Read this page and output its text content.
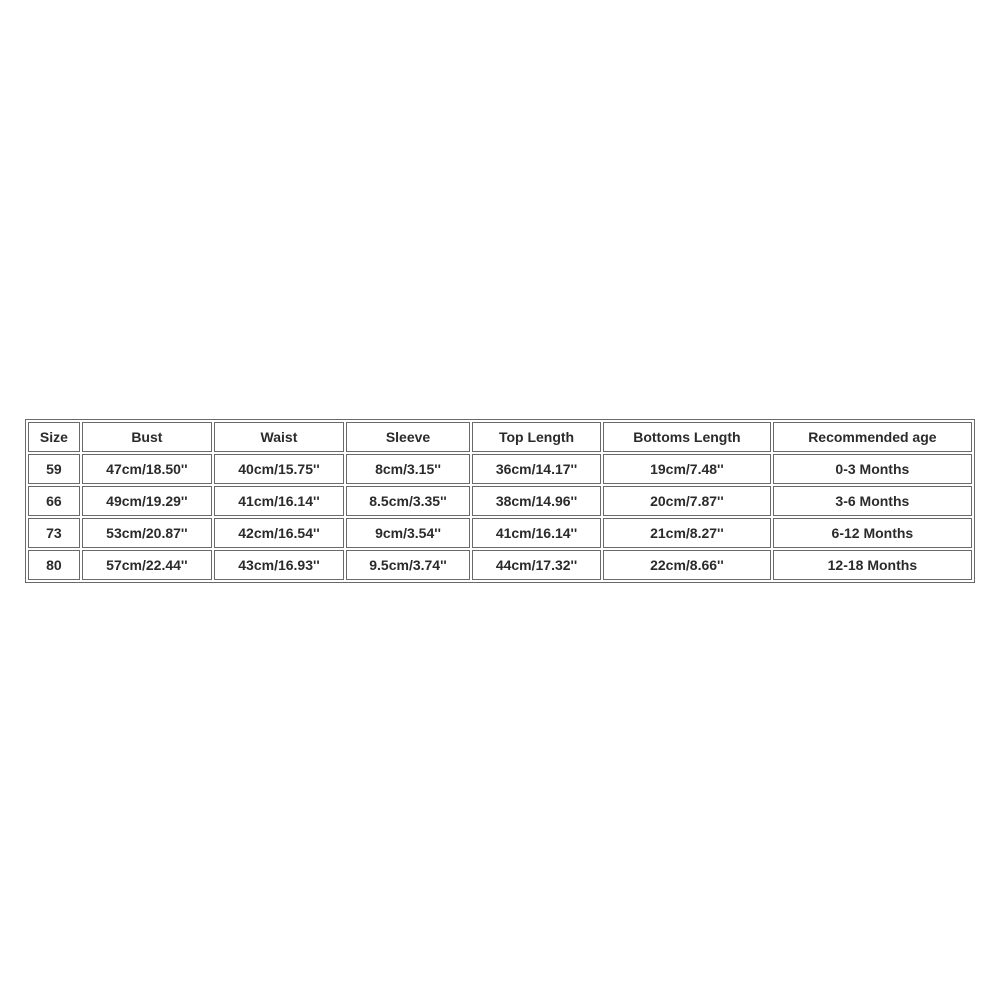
Size	Bust	Waist	Sleeve	Top Length	Bottoms Length	Recommended age
59	47cm/18.50''	40cm/15.75''	8cm/3.15''	36cm/14.17''	19cm/7.48''	0-3 Months
66	49cm/19.29''	41cm/16.14''	8.5cm/3.35''	38cm/14.96''	20cm/7.87''	3-6 Months
73	53cm/20.87''	42cm/16.54''	9cm/3.54''	41cm/16.14''	21cm/8.27''	6-12 Months
80	57cm/22.44''	43cm/16.93''	9.5cm/3.74''	44cm/17.32''	22cm/8.66''	12-18 Months
